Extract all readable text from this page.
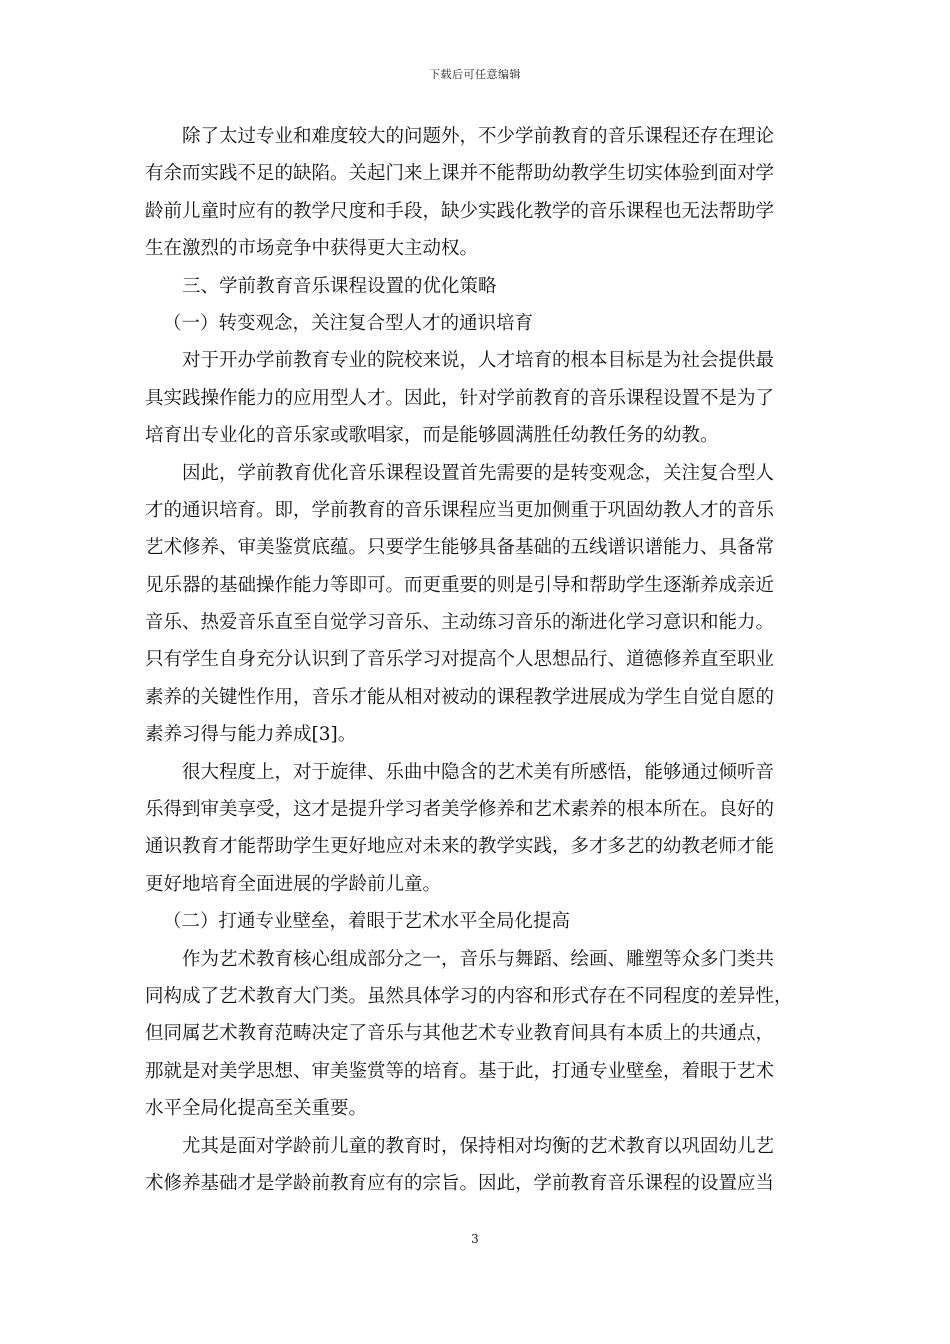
下载后可任意编辑
除了太过专业和难度较大的问题外，不少学前教育的音乐课程还存在理论
有余而实践不足的缺陷。关起门来上课并不能帮助幼教学生切实体验到面对学
龄前儿童时应有的教学尺度和手段，缺少实践化教学的音乐课程也无法帮助学
生在激烈的市场竞争中获得更大主动权。
三、学前教育音乐课程设置的优化策略
（一）转变观念，关注复合型人才的通识培育
对于开办学前教育专业的院校来说，人才培育的根本目标是为社会提供最
具实践操作能力的应用型人才。因此，针对学前教育的音乐课程设置不是为了
培育出专业化的音乐家或歌唱家，而是能够圆满胜任幼教任务的幼教。
因此，学前教育优化音乐课程设置首先需要的是转变观念，关注复合型人
才的通识培育。即，学前教育的音乐课程应当更加侧重于巩固幼教人才的音乐
艺术修养、审美鉴赏底蕴。只要学生能够具备基础的五线谱识谱能力、具备常
见乐器的基础操作能力等即可。而更重要的则是引导和帮助学生逐渐养成亲近
音乐、热爱音乐直至自觉学习音乐、主动练习音乐的渐进化学习意识和能力。
只有学生自身充分认识到了音乐学习对提高个人思想品行、道德修养直至职业
素养的关键性作用，音乐才能从相对被动的课程教学进展成为学生自觉自愿的
素养习得与能力养成[3]。
很大程度上，对于旋律、乐曲中隐含的艺术美有所感悟，能够通过倾听音
乐得到审美享受，这才是提升学习者美学修养和艺术素养的根本所在。良好的
通识教育才能帮助学生更好地应对未来的教学实践，多才多艺的幼教老师才能
更好地培育全面进展的学龄前儿童。
（二）打通专业壁垒，着眼于艺术水平全局化提高
作为艺术教育核心组成部分之一，音乐与舞蹈、绘画、雕塑等众多门类共
同构成了艺术教育大门类。虽然具体学习的内容和形式存在不同程度的差异性，
但同属艺术教育范畴决定了音乐与其他艺术专业教育间具有本质上的共通点，
那就是对美学思想、审美鉴赏等的培育。基于此，打通专业壁垒，着眼于艺术
水平全局化提高至关重要。
尤其是面对学龄前儿童的教育时，保持相对均衡的艺术教育以巩固幼儿艺
术修养基础才是学龄前教育应有的宗旨。因此，学前教育音乐课程的设置应当
3
